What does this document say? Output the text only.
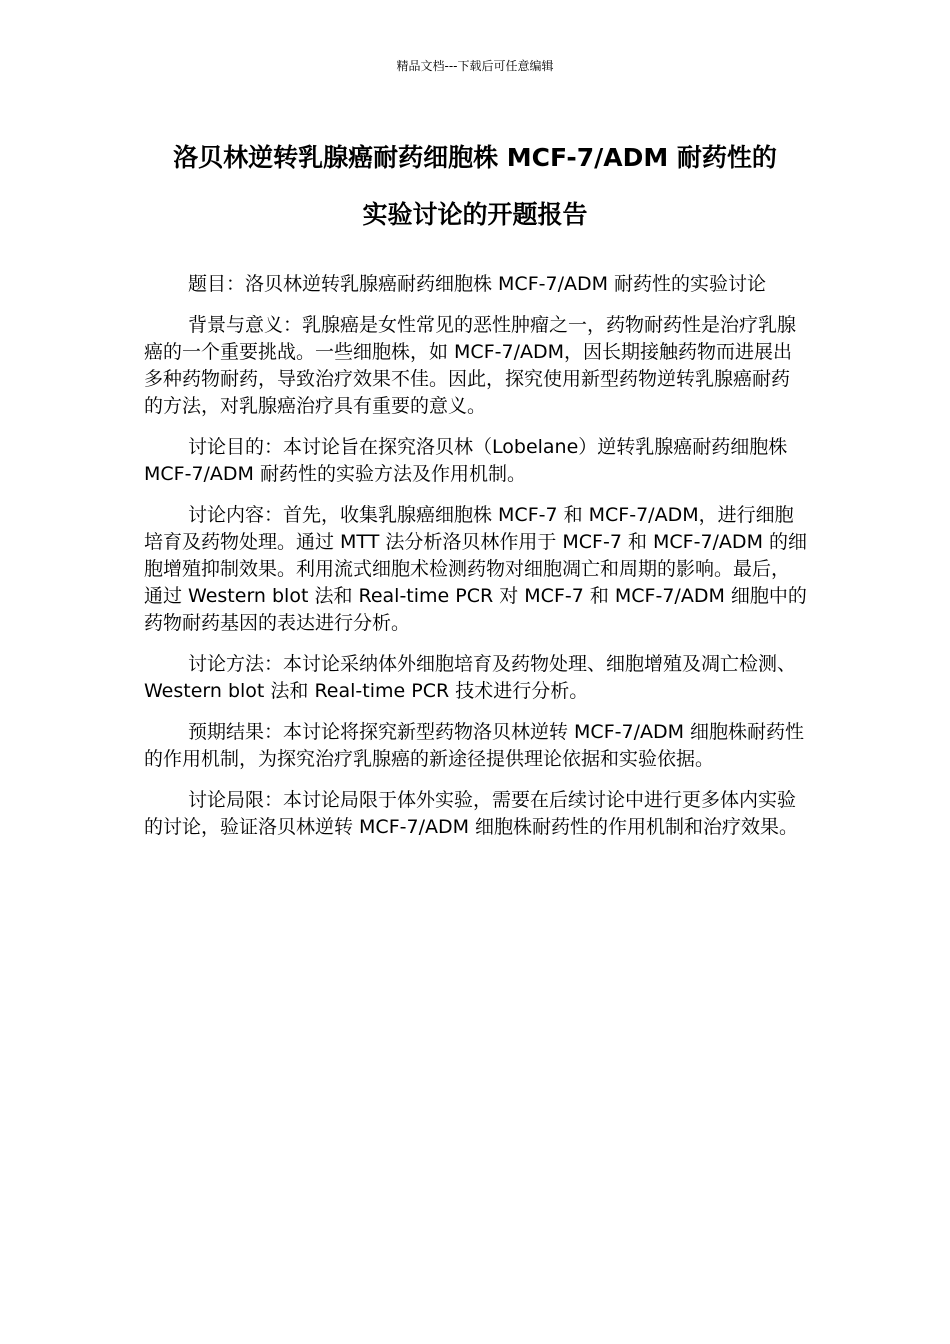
精品文档---下载后可任意编辑
洛贝林逆转乳腺癌耐药细胞株 MCF-7/ADM 耐药性的
实验讨论的开题报告

题目：洛贝林逆转乳腺癌耐药细胞株 MCF-7/ADM 耐药性的实验讨论

背景与意义：乳腺癌是女性常见的恶性肿瘤之一，药物耐药性是治疗乳腺癌的一个重要挑战。一些细胞株，如 MCF-7/ADM，因长期接触药物而进展出多种药物耐药，导致治疗效果不佳。因此，探究使用新型药物逆转乳腺癌耐药的方法，对乳腺癌治疗具有重要的意义。

讨论目的：本讨论旨在探究洛贝林（Lobelane）逆转乳腺癌耐药细胞株 MCF-7/ADM 耐药性的实验方法及作用机制。

讨论内容：首先，收集乳腺癌细胞株 MCF-7 和 MCF-7/ADM，进行细胞培育及药物处理。通过 MTT 法分析洛贝林作用于 MCF-7 和 MCF-7/ADM 的细胞增殖抑制效果。利用流式细胞术检测药物对细胞凋亡和周期的影响。最后，通过 Western blot 法和 Real-time PCR 对 MCF-7 和 MCF-7/ADM 细胞中的药物耐药基因的表达进行分析。

讨论方法：本讨论采纳体外细胞培育及药物处理、细胞增殖及凋亡检测、Western blot 法和 Real-time PCR 技术进行分析。

预期结果：本讨论将探究新型药物洛贝林逆转 MCF-7/ADM 细胞株耐药性的作用机制，为探究治疗乳腺癌的新途径提供理论依据和实验依据。

讨论局限：本讨论局限于体外实验，需要在后续讨论中进行更多体内实验的讨论，验证洛贝林逆转 MCF-7/ADM 细胞株耐药性的作用机制和治疗效果。
